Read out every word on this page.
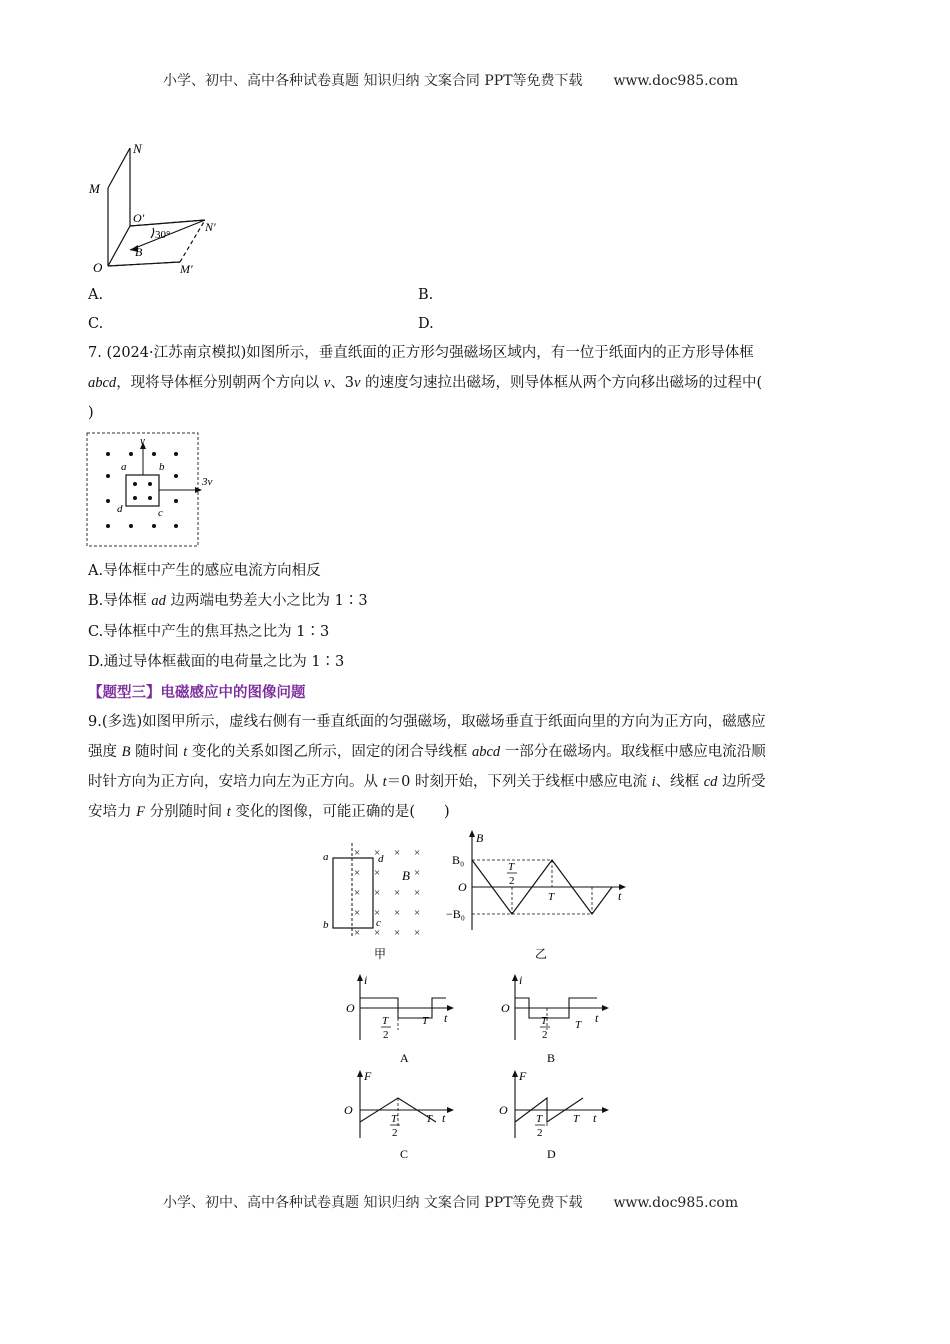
小学、初中、高中各种试卷真题 知识归纳 文案合同 PPT等免费下载 www.doc985.com
M
N
O′
N′
30°
B
O	M′
A.	B.
C.	D.
7. (2024·江苏南京模拟)如图所示，垂直纸面的正方形匀强磁场区域内，有一位于纸面内的正方形导体框
abcd，现将导体框分别朝两个方向以 v、3v 的速度匀速拉出磁场，则导体框从两个方向移出磁场的过程中(
)
v
3v
a	b
c
d
A.导体框中产生的感应电流方向相反
B.导体框 ad 边两端电势差大小之比为 1∶3
C.导体框中产生的焦耳热之比为 1∶3
D.通过导体框截面的电荷量之比为 1∶3
【题型三】电磁感应中的图像问题
9.(多选)如图甲所示，虚线右侧有一垂直纸面的匀强磁场，取磁场垂直于纸面向里的方向为正方向，磁感应
强度 B 随时间 t 变化的关系如图乙所示，固定的闭合导线框 abcd 一部分在磁场内。取线框中感应电流沿顺
时针方向为正方向，安培力向左为正方向。从 t＝0 时刻开始，下列关于线框中感应电流 i、线框 cd 边所受
安培力 F 分别随时间 t 变化的图像，可能正确的是(　　)
× × × ×
× ×	×
× × × ×
× × × ×
× × × ×
a	d
b	c
B
甲
B
B₀
O
−B₀
T
2
T	t
乙
i
O
T
2
T t
A
i
O
T
2
T t
B
F
O
T
2
T t
C
F
O
T
2
T t
D
小学、初中、高中各种试卷真题 知识归纳 文案合同 PPT等免费下载 www.doc985.com
